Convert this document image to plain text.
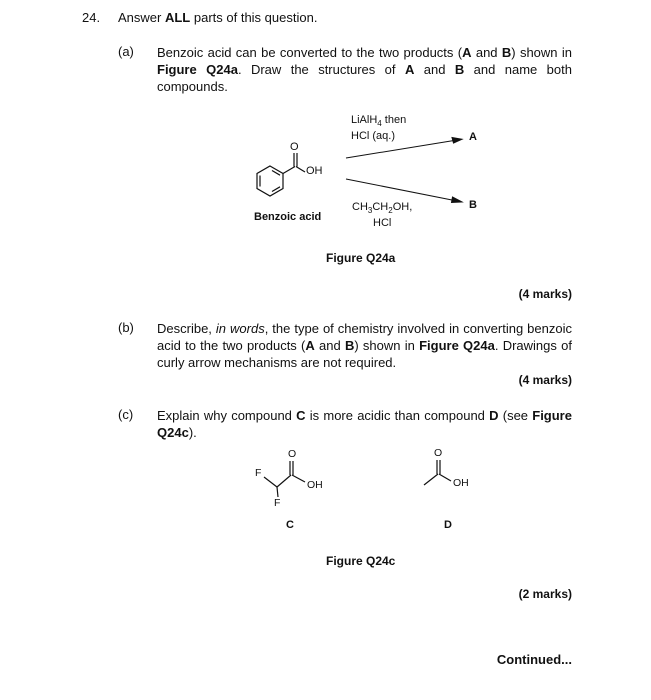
24. Answer ALL parts of this question.
(a) Benzoic acid can be converted to the two products (A and B) shown in Figure Q24a. Draw the structures of A and B and name both compounds.
O
OH
Benzoic acid
LiAlH$_4$ then
HCl (aq.)
$CH_3CH_2OH$,
HCl
A
B
Figure Q24a
(4 marks)
(b) Describe, in words, the type of chemistry involved in converting benzoic acid to the two products (A and B) shown in Figure Q24a. Drawings of curly arrow mechanisms are not required.
(4 marks)
(c) Explain why compound C is more acidic than compound D (see Figure Q24c).
O
OH
F
F
O
OH
C	D
Figure Q24c
(2 marks)
Continued...
